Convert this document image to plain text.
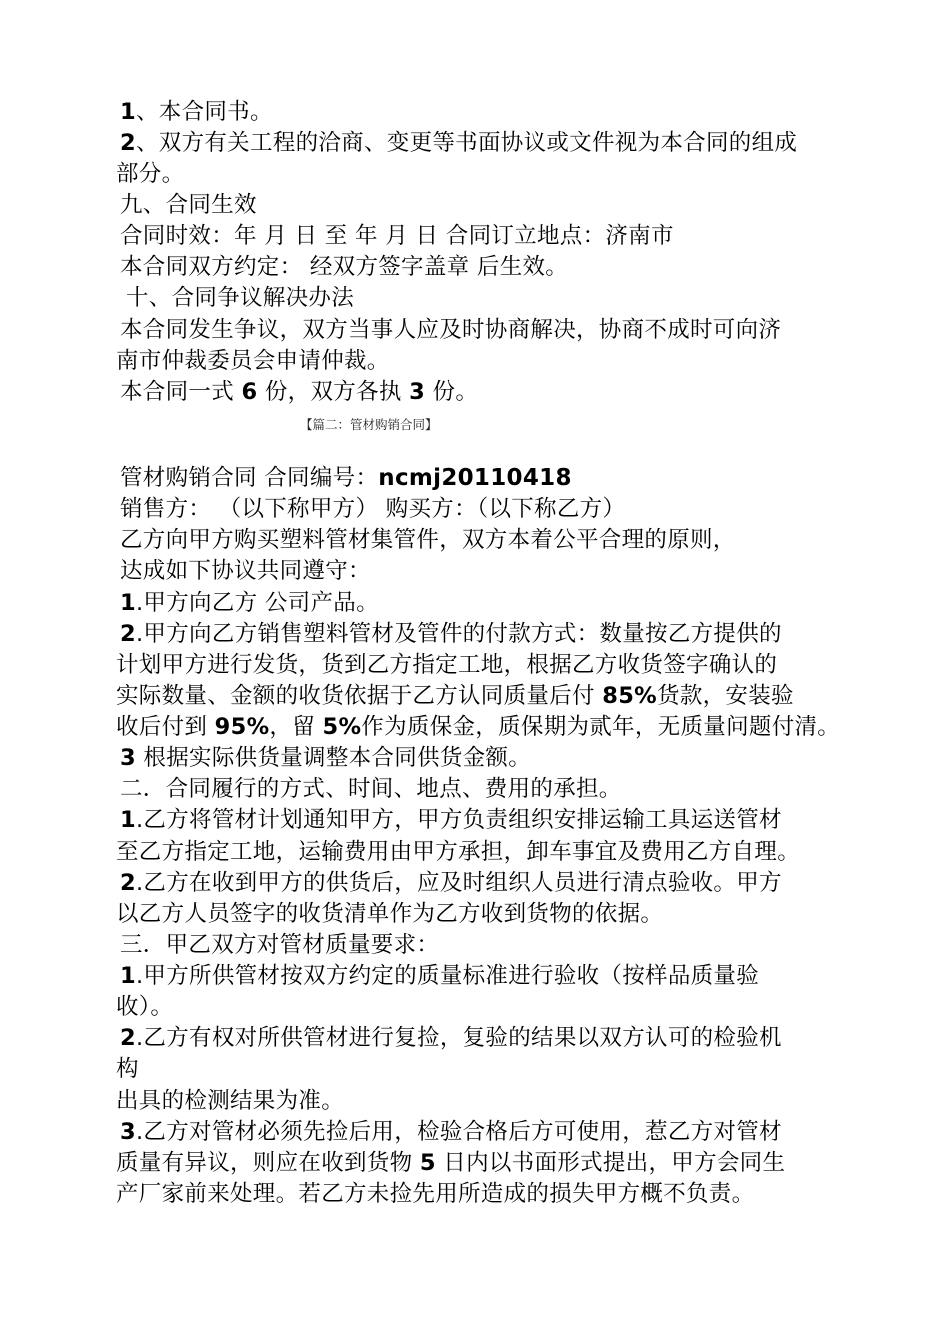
1、本合同书。

2、双方有关工程的洽商、变更等书面协议或文件视为本合同的组成

部分。

九、合同生效

合同时效：年 月 日 至 年 月 日 合同订立地点：济南市

本合同双方约定： 经双方签字盖章 后生效。

十、合同争议解决办法

本合同发生争议，双方当事人应及时协商解决，协商不成时可向济

南市仲裁委员会申请仲裁。

本合同一式 6 份，双方各执 3 份。

【篇二：管材购销合同】

管材购销合同 合同编号：ncmj20110418

销售方： （以下称甲方） 购买方：（以下称乙方）

乙方向甲方购买塑料管材集管件，双方本着公平合理的原则，

达成如下协议共同遵守：

1.甲方向乙方 公司产品。

2.甲方向乙方销售塑料管材及管件的付款方式：数量按乙方提供的

计划甲方进行发货，货到乙方指定工地，根据乙方收货签字确认的

实际数量、金额的收货依据于乙方认同质量后付 85%货款，安装验

收后付到 95%，留 5%作为质保金，质保期为贰年，无质量问题付清。

3 根据实际供货量调整本合同供货金额。

二．合同履行的方式、时间、地点、费用的承担。

1.乙方将管材计划通知甲方，甲方负责组织安排运输工具运送管材

至乙方指定工地，运输费用由甲方承担，卸车事宜及费用乙方自理。

2.乙方在收到甲方的供货后，应及时组织人员进行清点验收。甲方

以乙方人员签字的收货清单作为乙方收到货物的依据。

三．甲乙双方对管材质量要求：

1.甲方所供管材按双方约定的质量标准进行验收（按样品质量验

收）。

2.乙方有权对所供管材进行复捡，复验的结果以双方认可的检验机

构

出具的检测结果为准。

3.乙方对管材必须先捡后用，检验合格后方可使用，惹乙方对管材

质量有异议，则应在收到货物 5 日内以书面形式提出，甲方会同生

产厂家前来处理。若乙方未捡先用所造成的损失甲方概不负责。
